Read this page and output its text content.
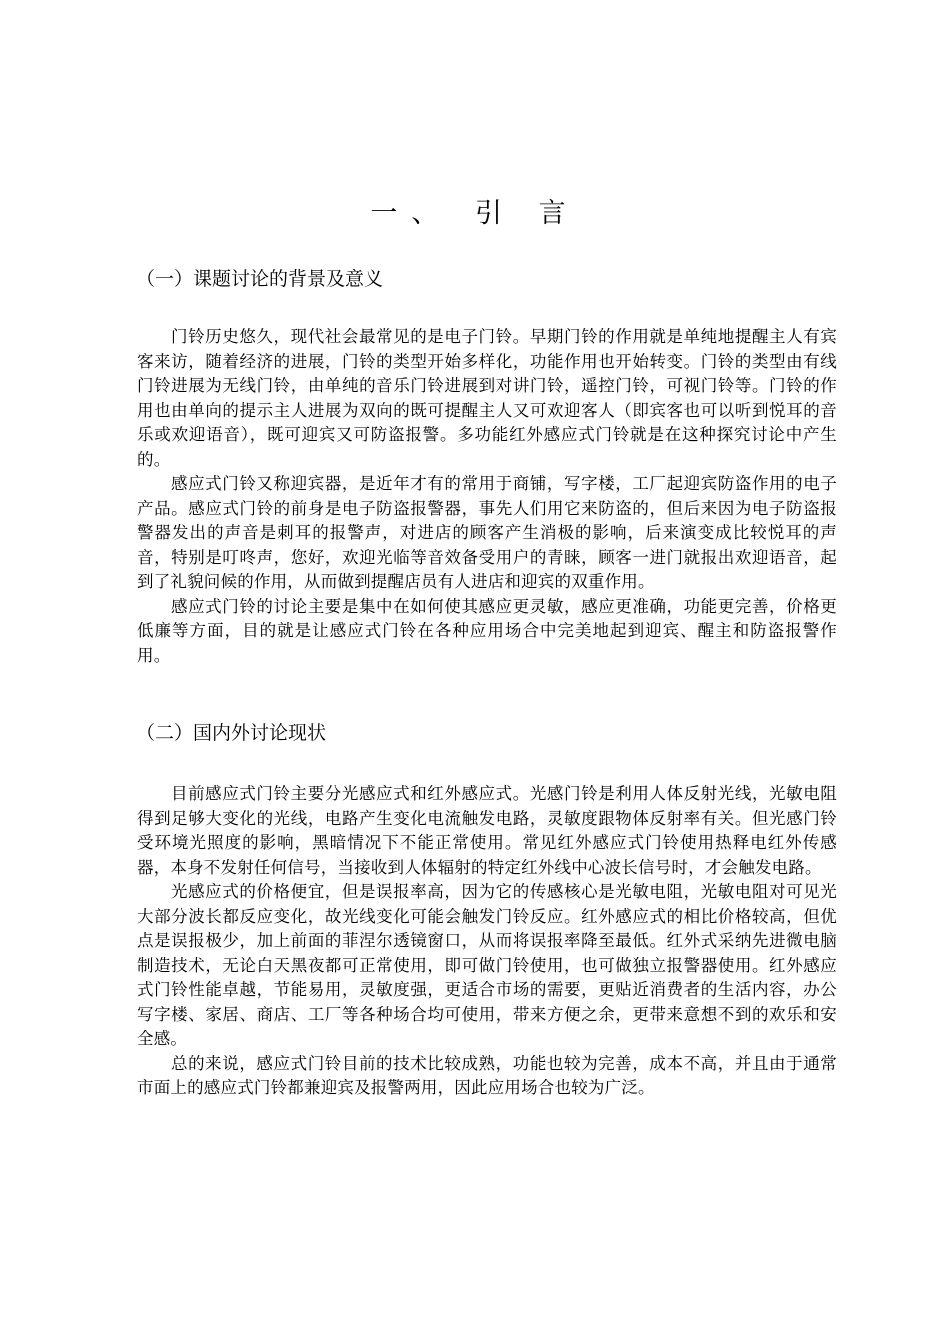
一、 引 言
（一）课题讨论的背景及意义

门铃历史悠久，现代社会最常见的是电子门铃。早期门铃的作用就是单纯地提醒主人有宾客来访，随着经济的进展，门铃的类型开始多样化，功能作用也开始转变。门铃的类型由有线门铃进展为无线门铃，由单纯的音乐门铃进展到对讲门铃，遥控门铃，可视门铃等。门铃的作用也由单向的提示主人进展为双向的既可提醒主人又可欢迎客人（即宾客也可以听到悦耳的音乐或欢迎语音），既可迎宾又可防盗报警。多功能红外感应式门铃就是在这种探究讨论中产生的。

感应式门铃又称迎宾器，是近年才有的常用于商铺，写字楼，工厂起迎宾防盗作用的电子产品。感应式门铃的前身是电子防盗报警器，事先人们用它来防盗的，但后来因为电子防盗报警器发出的声音是刺耳的报警声，对进店的顾客产生消极的影响，后来演变成比较悦耳的声音，特别是叮咚声，您好，欢迎光临等音效备受用户的青睐，顾客一进门就报出欢迎语音，起到了礼貌问候的作用，从而做到提醒店员有人进店和迎宾的双重作用。

感应式门铃的讨论主要是集中在如何使其感应更灵敏，感应更准确，功能更完善，价格更低廉等方面，目的就是让感应式门铃在各种应用场合中完美地起到迎宾、醒主和防盗报警作用。

（二）国内外讨论现状

目前感应式门铃主要分光感应式和红外感应式。光感门铃是利用人体反射光线，光敏电阻得到足够大变化的光线，电路产生变化电流触发电路，灵敏度跟物体反射率有关。但光感门铃受环境光照度的影响，黑暗情况下不能正常使用。常见红外感应式门铃使用热释电红外传感器，本身不发射任何信号，当接收到人体辐射的特定红外线中心波长信号时，才会触发电路。

光感应式的价格便宜，但是误报率高，因为它的传感核心是光敏电阻，光敏电阻对可见光大部分波长都反应变化，故光线变化可能会触发门铃反应。红外感应式的相比价格较高，但优点是误报极少，加上前面的菲涅尔透镜窗口，从而将误报率降至最低。红外式采纳先进微电脑制造技术，无论白天黑夜都可正常使用，即可做门铃使用，也可做独立报警器使用。红外感应式门铃性能卓越，节能易用，灵敏度强，更适合市场的需要，更贴近消费者的生活内容，办公写字楼、家居、商店、工厂等各种场合均可使用，带来方便之余，更带来意想不到的欢乐和安全感。

总的来说，感应式门铃目前的技术比较成熟，功能也较为完善，成本不高，并且由于通常市面上的感应式门铃都兼迎宾及报警两用，因此应用场合也较为广泛。
